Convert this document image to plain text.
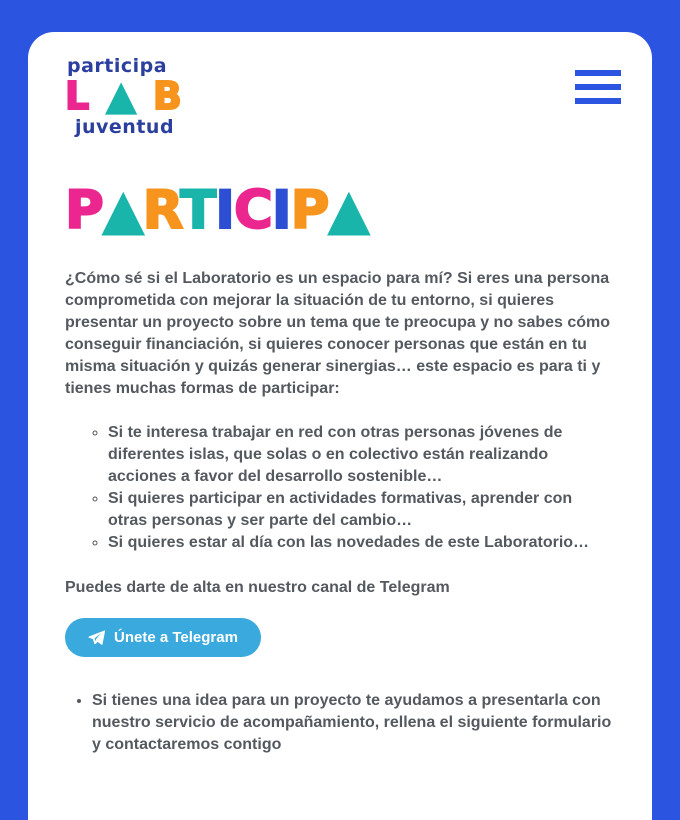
participa
L ▲ B
juventud
P▲RTICIP▲

¿Cómo sé si el Laboratorio es un espacio para mí? Si eres una persona comprometida con mejorar la situación de tu entorno, si quieres presentar un proyecto sobre un tema que te preocupa y no sabes cómo conseguir financiación, si quieres conocer personas que están en tu misma situación y quizás generar sinergias… este espacio es para ti y tienes muchas formas de participar:

◦ Si te interesa trabajar en red con otras personas jóvenes de diferentes islas, que solas o en colectivo están realizando acciones a favor del desarrollo sostenible…
◦ Si quieres participar en actividades formativas, aprender con otras personas y ser parte del cambio…
◦ Si quieres estar al día con las novedades de este Laboratorio…

Puedes darte de alta en nuestro canal de Telegram

Únete a Telegram
• Si tienes una idea para un proyecto te ayudamos a presentarla con nuestro servicio de acompañamiento, rellena el siguiente formulario y contactaremos contigo
